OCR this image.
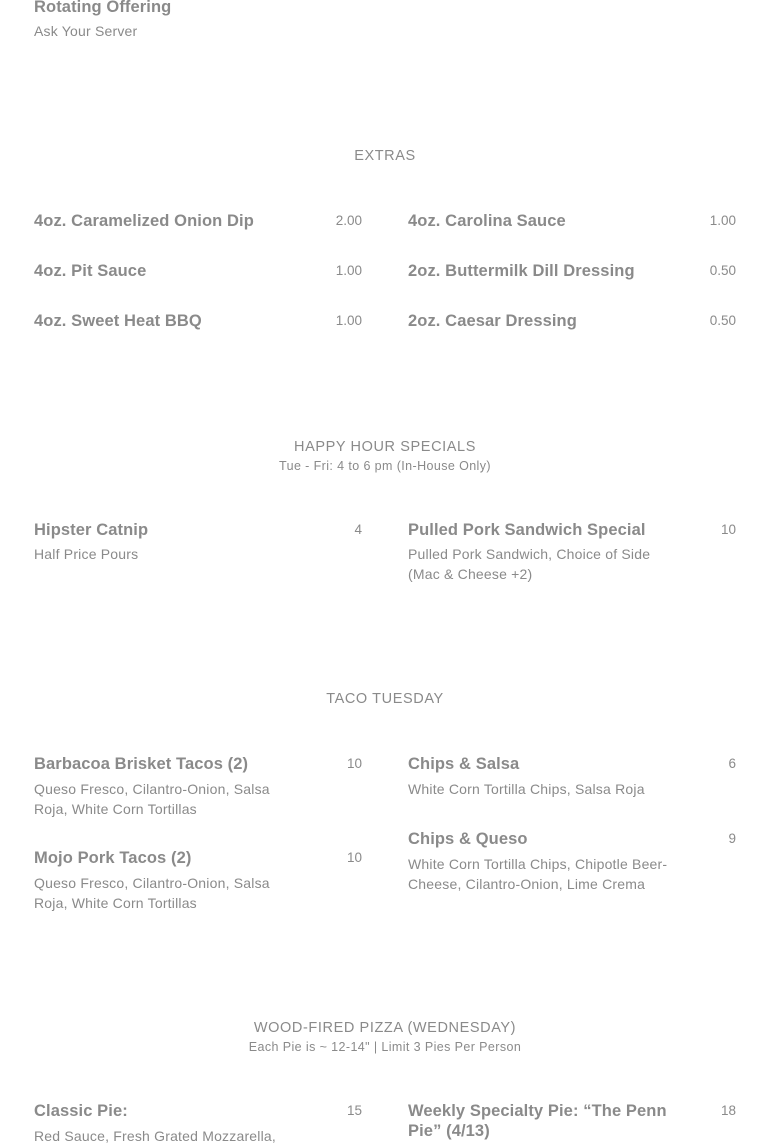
Rotating Offering
Ask Your Server
EXTRAS
4oz. Caramelized Onion Dip	2.00	4oz. Carolina Sauce	1.00
4oz. Pit Sauce	1.00	2oz. Buttermilk Dill Dressing	0.50
4oz. Sweet Heat BBQ	1.00	2oz. Caesar Dressing	0.50
HAPPY HOUR SPECIALS
Tue - Fri: 4 to 6 pm (In-House Only)
Hipster Catnip	4
Half Price Pours
Pulled Pork Sandwich Special	10
Pulled Pork Sandwich, Choice of Side (Mac & Cheese +2)
TACO TUESDAY
Barbacoa Brisket Tacos (2)	10
Queso Fresco, Cilantro-Onion, Salsa Roja, White Corn Tortillas
Chips & Salsa	6
White Corn Tortilla Chips, Salsa Roja
Chips & Queso	9
White Corn Tortilla Chips, Chipotle Beer-Cheese, Cilantro-Onion, Lime Crema
Mojo Pork Tacos (2)	10
Queso Fresco, Cilantro-Onion, Salsa Roja, White Corn Tortillas
WOOD-FIRED PIZZA (WEDNESDAY)
Each Pie is ~ 12-14" | Limit 3 Pies Per Person
Classic Pie:	15
Red Sauce, Fresh Grated Mozzarella,
Weekly Specialty Pie: “The Penn Pie” (4/13)
18
